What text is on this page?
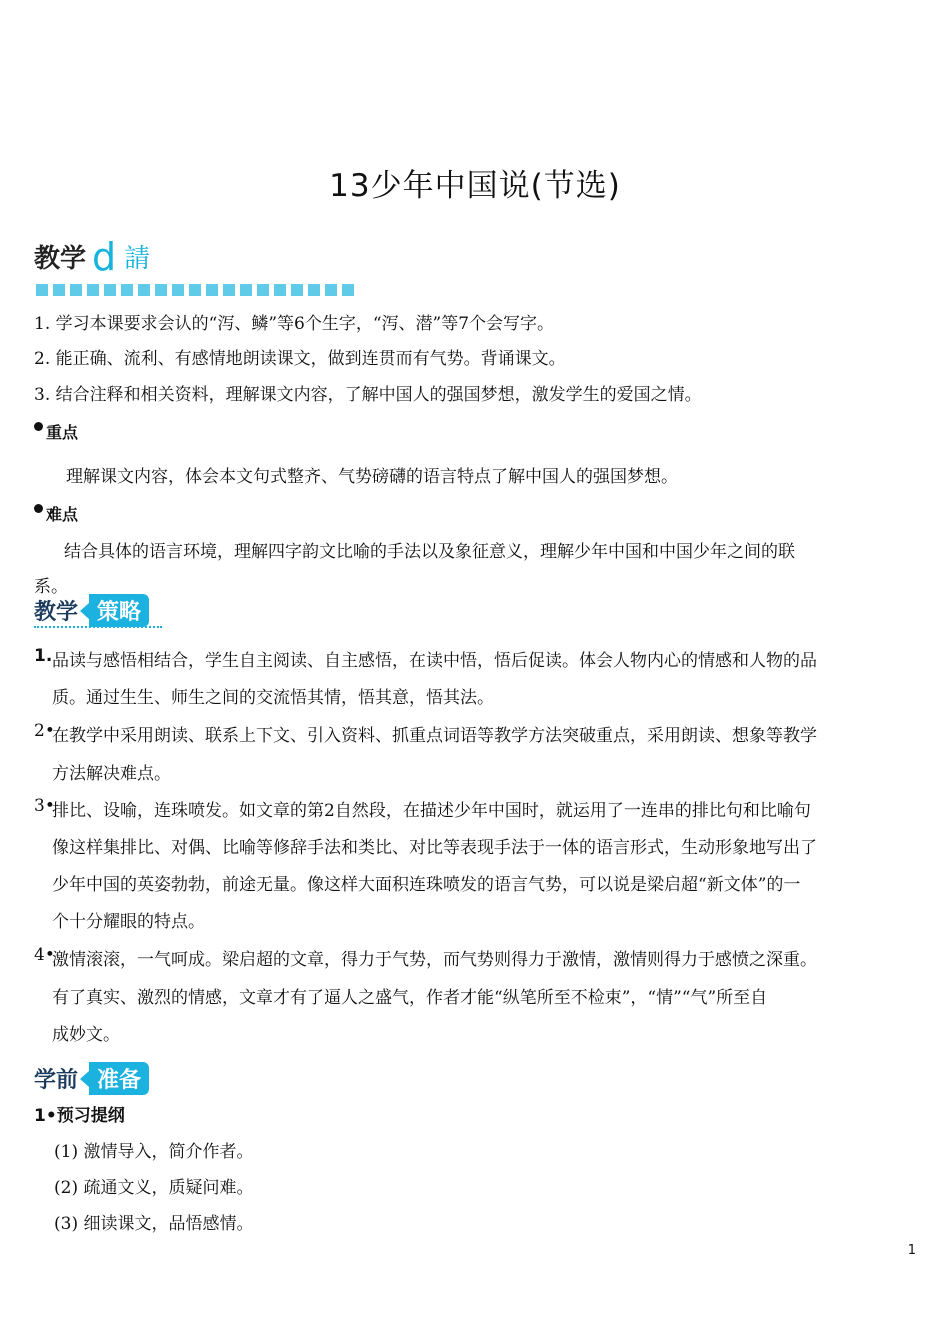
13少年中国说(节选)
教学 d 請
1. 学习本课要求会认的“泻、鳞”等6个生字，“泻、潜”等7个会写字。
2. 能正确、流利、有感情地朗读课文，做到连贯而有气势。背诵课文。
3. 结合注释和相关资料，理解课文内容，了解中国人的强国梦想，激发学生的爱国之情。
重点
理解课文内容，体会本文句式整齐、气势磅礴的语言特点了解中国人的强国梦想。
难点
结合具体的语言环境，理解四字韵文比喻的手法以及象征意义，理解少年中国和中国少年之间的联
系。
教学 策略
1. 品读与感悟相结合，学生自主阅读、自主感悟，在读中悟，悟后促读。体会人物内心的情感和人物的品
质。通过生生、师生之间的交流悟其情，悟其意，悟其法。
2•
在教学中采用朗读、联系上下文、引入资料、抓重点词语等教学方法突破重点，采用朗读、想象等教学
方法解决难点。
3•
排比、设喻，连珠喷发。如文章的第2自然段，在描述少年中国时，就运用了一连串的排比句和比喻句
像这样集排比、对偶、比喻等修辞手法和类比、对比等表现手法于一体的语言形式，生动形象地写出了
少年中国的英姿勃勃，前途无量。像这样大面积连珠喷发的语言气势，可以说是梁启超“新文体”的一
个十分耀眼的特点。
4•
激情滚滚，一气呵成。梁启超的文章，得力于气势，而气势则得力于激情，激情则得力于感愤之深重。
有了真实、激烈的情感，文章才有了逼人之盛气，作者才能“纵笔所至不检束”，“情”“气”所至自
成妙文。
学前 准备
1•预习提纲
(1) 激情导入，简介作者。
(2) 疏通文义，质疑问难。
(3) 细读课文，品悟感情。
1
